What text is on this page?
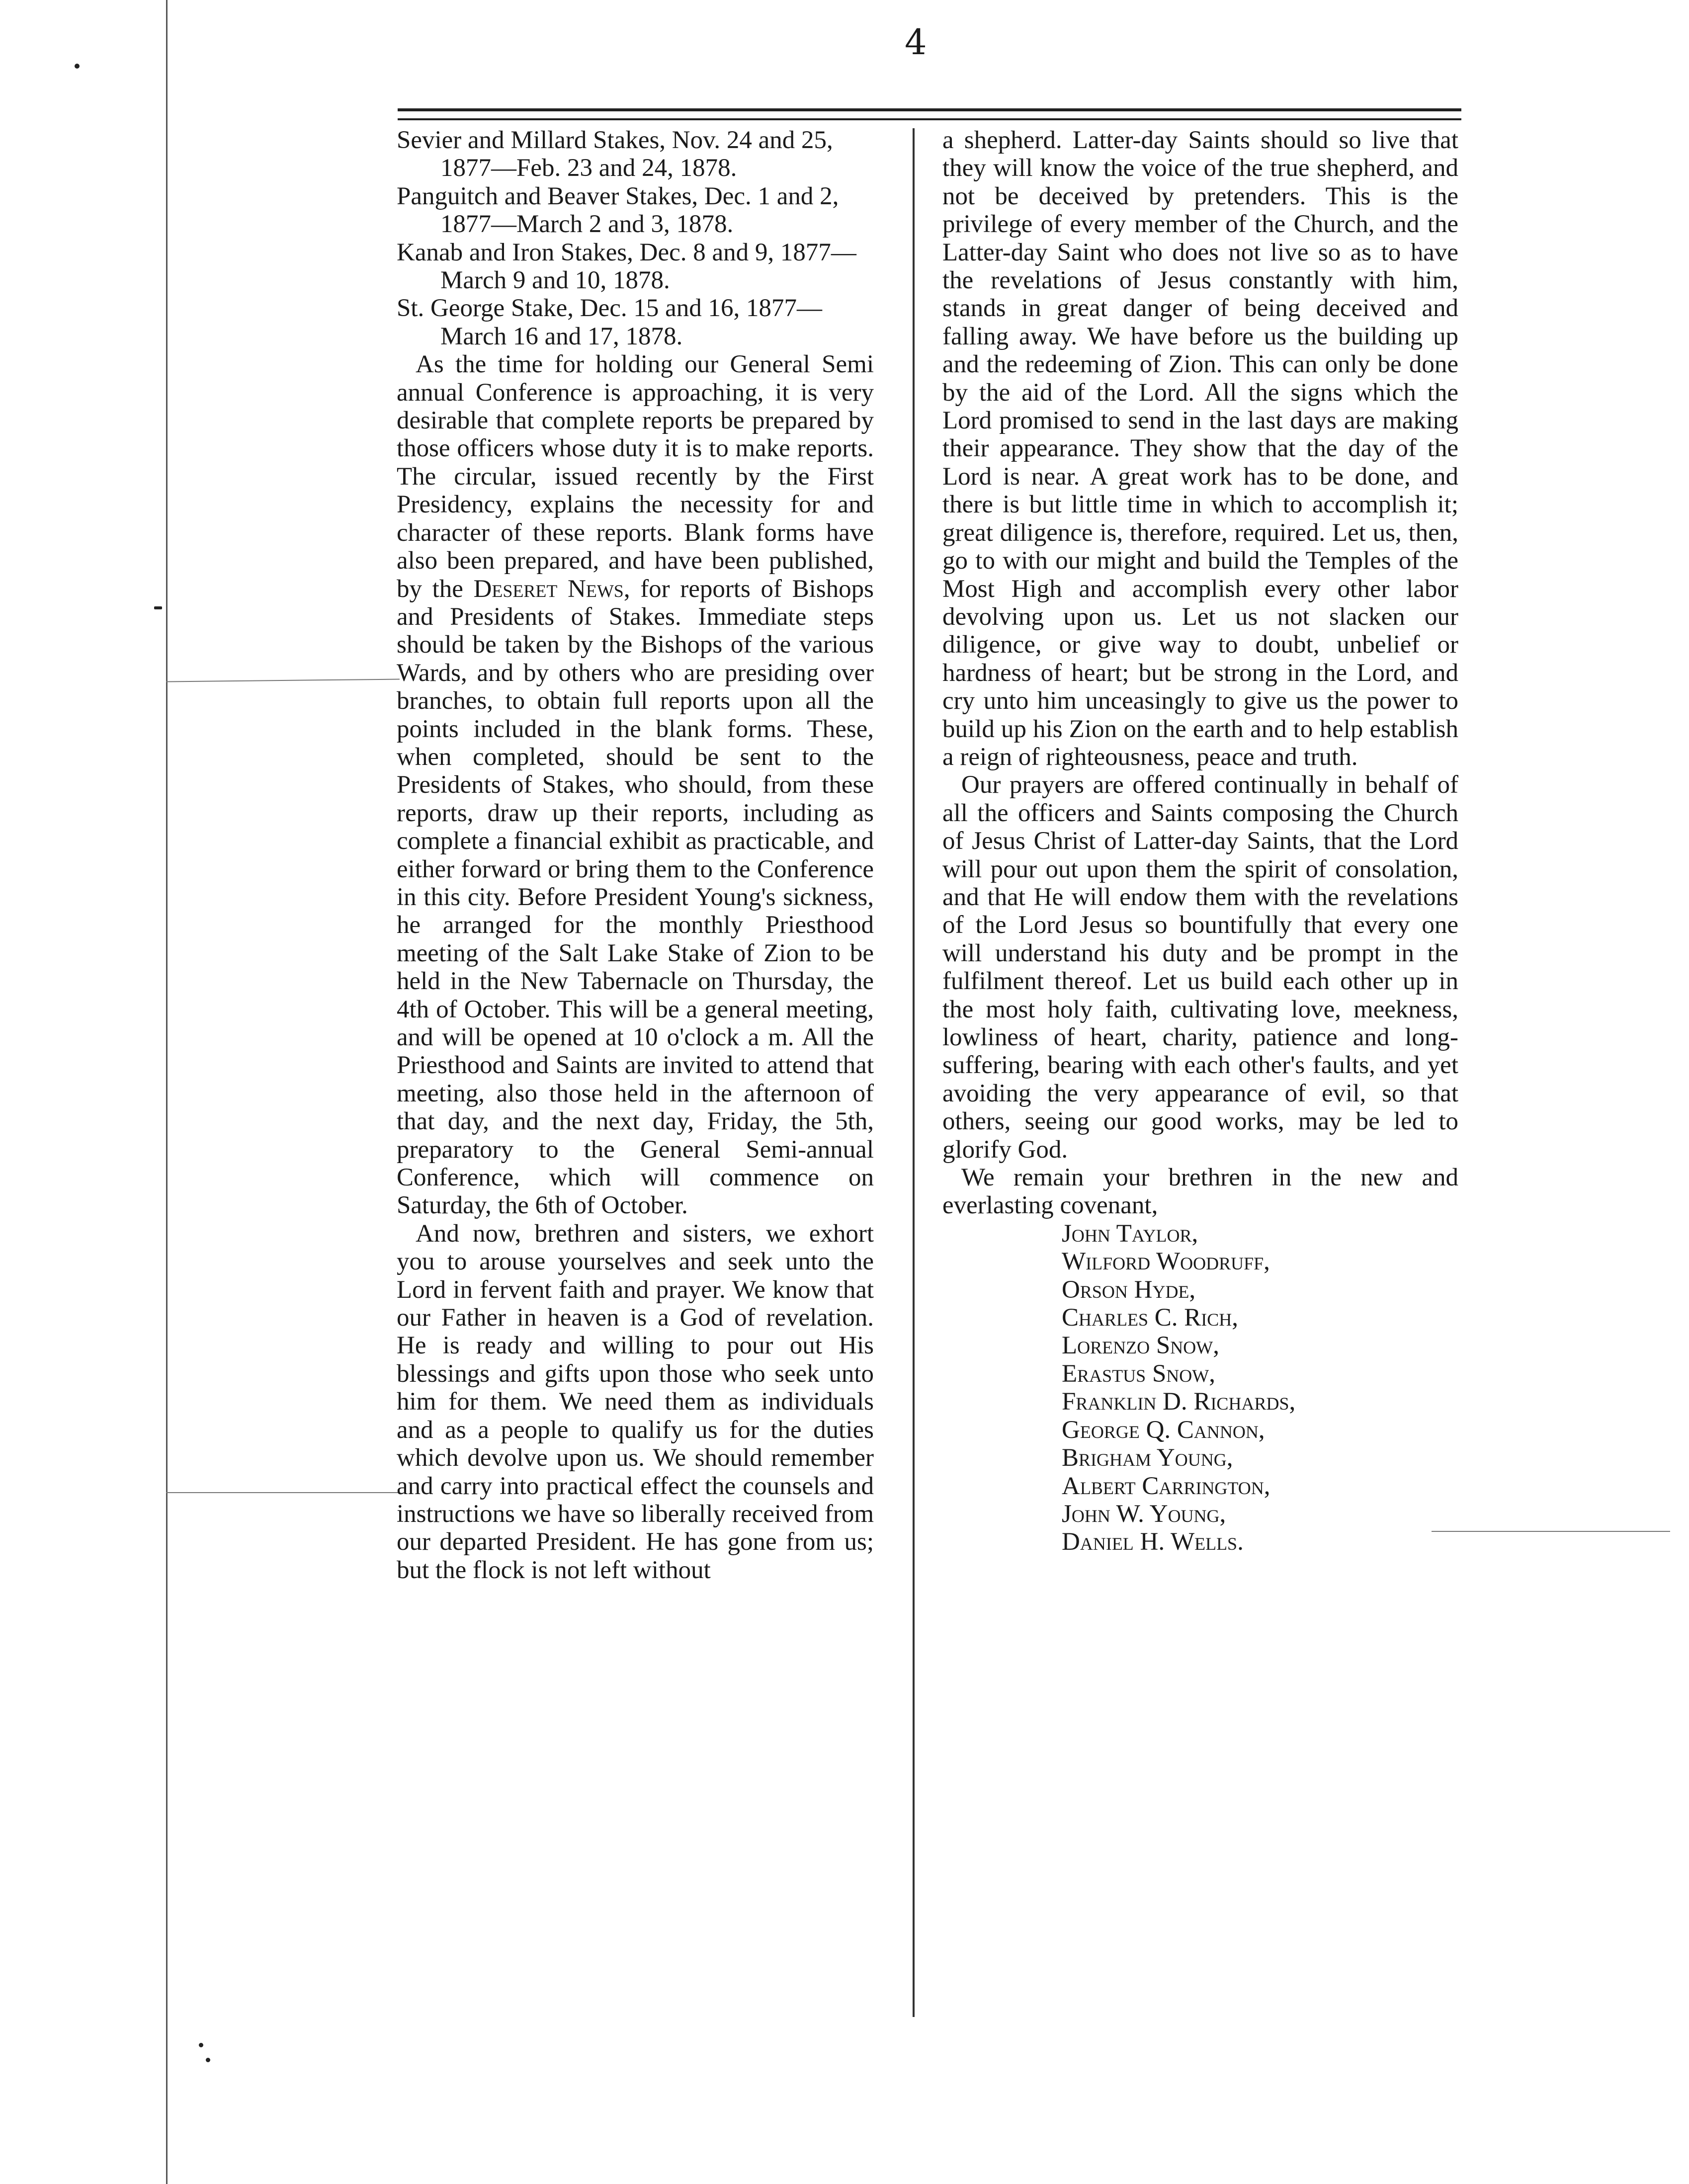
4

Sevier and Millard Stakes, Nov. 24 and 25, 1877—Feb. 23 and 24, 1878.

Panguitch and Beaver Stakes, Dec. 1 and 2, 1877—March 2 and 3, 1878.

Kanab and Iron Stakes, Dec. 8 and 9, 1877—March 9 and 10, 1878.

St. George Stake, Dec. 15 and 16, 1877—March 16 and 17, 1878.

As the time for holding our General Semi annual Conference is approaching, it is very desirable that complete reports be prepared by those officers whose duty it is to make reports. The circular, issued recently by the First Presidency, explains the necessity for and character of these reports. Blank forms have also been prepared, and have been published, by the Deseret News, for reports of Bishops and Presidents of Stakes. Immediate steps should be taken by the Bishops of the various Wards, and by others who are presiding over branches, to obtain full reports upon all the points included in the blank forms. These, when completed, should be sent to the Presidents of Stakes, who should, from these reports, draw up their reports, including as complete a financial exhibit as practicable, and either forward or bring them to the Conference in this city. Before President Young's sickness, he arranged for the monthly Priesthood meeting of the Salt Lake Stake of Zion to be held in the New Tabernacle on Thursday, the 4th of October. This will be a general meeting, and will be opened at 10 o'clock a m. All the Priesthood and Saints are invited to attend that meeting, also those held in the afternoon of that day, and the next day, Friday, the 5th, preparatory to the General Semi-annual Conference, which will commence on Saturday, the 6th of October.

And now, brethren and sisters, we exhort you to arouse yourselves and seek unto the Lord in fervent faith and prayer. We know that our Father in heaven is a God of revelation. He is ready and willing to pour out His blessings and gifts upon those who seek unto him for them. We need them as individuals and as a people to qualify us for the duties which devolve upon us. We should remember and carry into practical effect the counsels and instructions we have so liberally received from our departed President. He has gone from us; but the flock is not left without

a shepherd. Latter-day Saints should so live that they will know the voice of the true shepherd, and not be deceived by pretenders. This is the privilege of every member of the Church, and the Latter-day Saint who does not live so as to have the revelations of Jesus constantly with him, stands in great danger of being deceived and falling away. We have before us the building up and the redeeming of Zion. This can only be done by the aid of the Lord. All the signs which the Lord promised to send in the last days are making their appearance. They show that the day of the Lord is near. A great work has to be done, and there is but little time in which to accomplish it; great diligence is, therefore, required. Let us, then, go to with our might and build the Temples of the Most High and accomplish every other labor devolving upon us. Let us not slacken our diligence, or give way to doubt, unbelief or hardness of heart; but be strong in the Lord, and cry unto him unceasingly to give us the power to build up his Zion on the earth and to help establish a reign of righteousness, peace and truth.

Our prayers are offered continually in behalf of all the officers and Saints composing the Church of Jesus Christ of Latter-day Saints, that the Lord will pour out upon them the spirit of consolation, and that He will endow them with the revelations of the Lord Jesus so bountifully that every one will understand his duty and be prompt in the fulfilment thereof. Let us build each other up in the most holy faith, cultivating love, meekness, lowliness of heart, charity, patience and long-suffering, bearing with each other's faults, and yet avoiding the very appearance of evil, so that others, seeing our good works, may be led to glorify God.

We remain your brethren in the new and everlasting covenant,

John Taylor,
Wilford Woodruff,
Orson Hyde,
Charles C. Rich,
Lorenzo Snow,
Erastus Snow,
Franklin D. Richards,
George Q. Cannon,
Brigham Young,
Albert Carrington,
John W. Young,
Daniel H. Wells.
